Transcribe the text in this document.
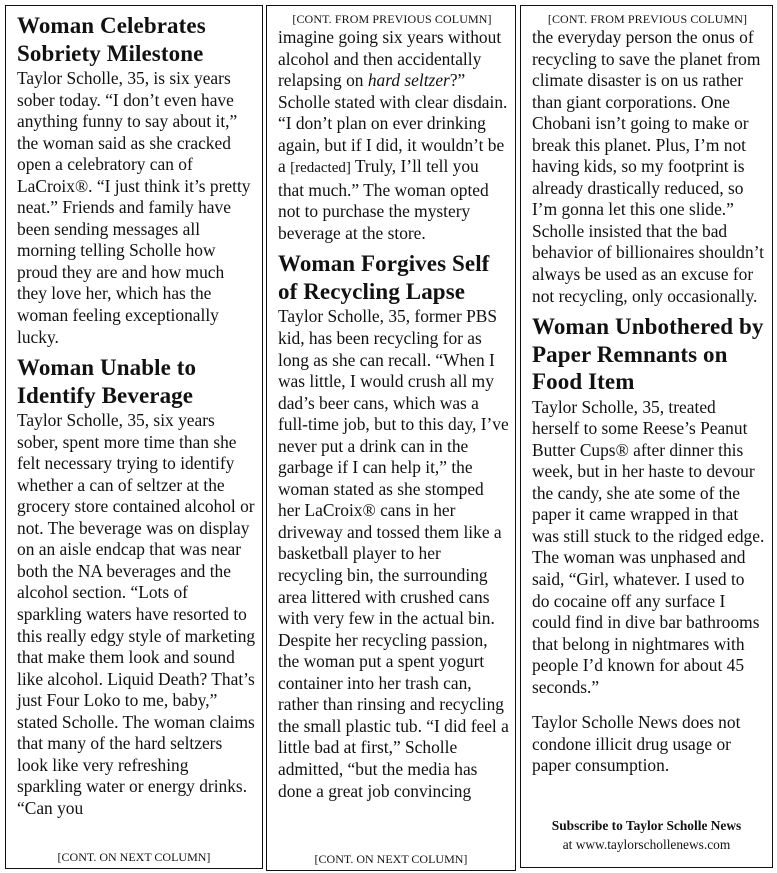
Woman Celebrates Sobriety Milestone

Taylor Scholle, 35, is six years sober today. “I don’t even have anything funny to say about it,” the woman said as she cracked open a celebratory can of LaCroix®. “I just think it’s pretty neat.” Friends and family have been sending messages all morning telling Scholle how proud they are and how much they love her, which has the woman feeling exceptionally lucky.

Woman Unable to Identify Beverage

Taylor Scholle, 35, six years sober, spent more time than she felt necessary trying to identify whether a can of seltzer at the grocery store contained alcohol or not. The beverage was on display on an aisle endcap that was near both the NA beverages and the alcohol section. “Lots of sparkling waters have resorted to this really edgy style of marketing that make them look and sound like alcohol. Liquid Death? That’s just Four Loko to me, baby,” stated Scholle. The woman claims that many of the hard seltzers look like very refreshing sparkling water or energy drinks. “Can you

[CONT. ON NEXT COLUMN]
[CONT. FROM PREVIOUS COLUMN]

imagine going six years without alcohol and then accidentally relapsing on hard seltzer?” Scholle stated with clear disdain. “I don’t plan on ever drinking again, but if I did, it wouldn’t be a [redacted] Truly, I’ll tell you that much.” The woman opted not to purchase the mystery beverage at the store.

Woman Forgives Self of Recycling Lapse

Taylor Scholle, 35, former PBS kid, has been recycling for as long as she can recall. “When I was little, I would crush all my dad’s beer cans, which was a full-time job, but to this day, I’ve never put a drink can in the garbage if I can help it,” the woman stated as she stomped her LaCroix® cans in her driveway and tossed them like a basketball player to her recycling bin, the surrounding area littered with crushed cans with very few in the actual bin. Despite her recycling passion, the woman put a spent yogurt container into her trash can, rather than rinsing and recycling the small plastic tub. “I did feel a little bad at first,” Scholle admitted, “but the media has done a great job convincing

[CONT. ON NEXT COLUMN]
[CONT. FROM PREVIOUS COLUMN]

the everyday person the onus of recycling to save the planet from climate disaster is on us rather than giant corporations. One Chobani isn’t going to make or break this planet. Plus, I’m not having kids, so my footprint is already drastically reduced, so I’m gonna let this one slide.” Scholle insisted that the bad behavior of billionaires shouldn’t always be used as an excuse for not recycling, only occasionally.

Woman Unbothered by Paper Remnants on Food Item

Taylor Scholle, 35, treated herself to some Reese’s Peanut Butter Cups® after dinner this week, but in her haste to devour the candy, she ate some of the paper it came wrapped in that was still stuck to the ridged edge. The woman was unphased and said, “Girl, whatever. I used to do cocaine off any surface I could find in dive bar bathrooms that belong in nightmares with people I’d known for about 45 seconds.”

Taylor Scholle News does not condone illicit drug usage or paper consumption.

Subscribe to Taylor Scholle News
at www.taylorschollenews.com
